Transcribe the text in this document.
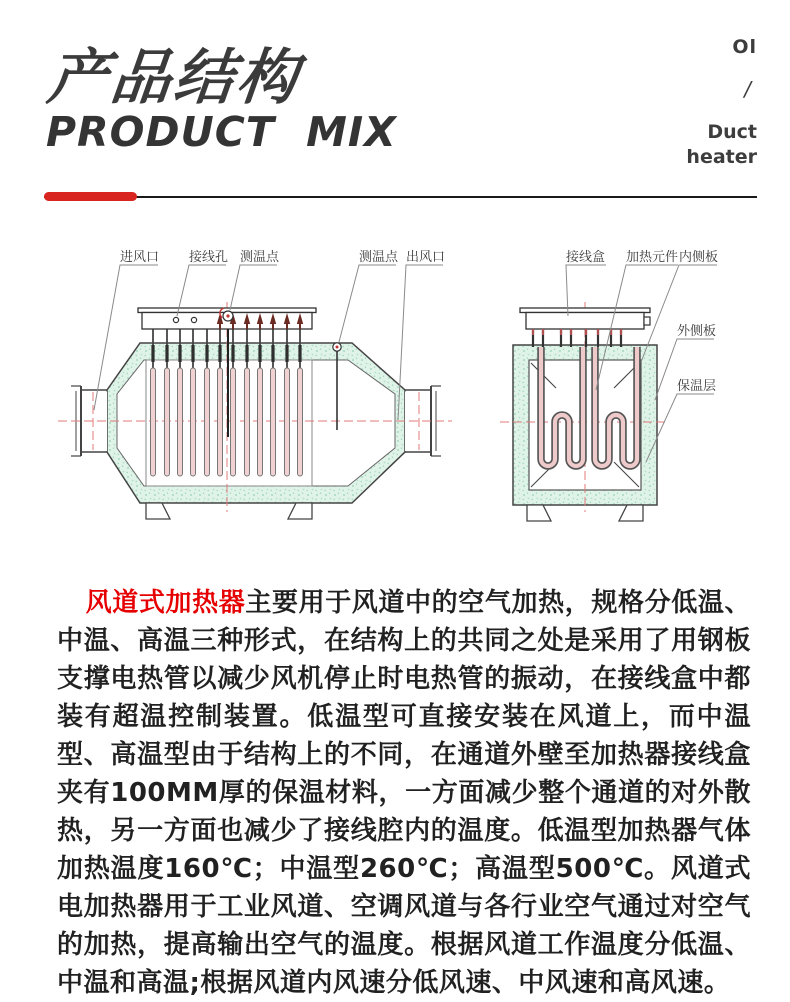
产品结构
PRODUCT MIX
Ol
/
Duct
heater
进风口 接线孔 测温点	测温点 出风口	接线盒 加热元件 内侧板
外侧板
保温层

风道式加热器主要用于风道中的空气加热，规格分低温、中温、高温三种形式，在结构上的共同之处是采用了用钢板支撑电热管以减少风机停止时电热管的振动，在接线盒中都装有超温控制装置。低温型可直接安装在风道上，而中温型、高温型由于结构上的不同，在通道外壁至加热器接线盒夹有100MM厚的保温材料，一方面减少整个通道的对外散热，另一方面也减少了接线腔内的温度。低温型加热器气体加热温度160℃；中温型260℃；高温型500℃。风道式电加热器用于工业风道、空调风道与各行业空气通过对空气的加热，提高输出空气的温度。根据风道工作温度分低温、中温和高温;根据风道内风速分低风速、中风速和高风速。
